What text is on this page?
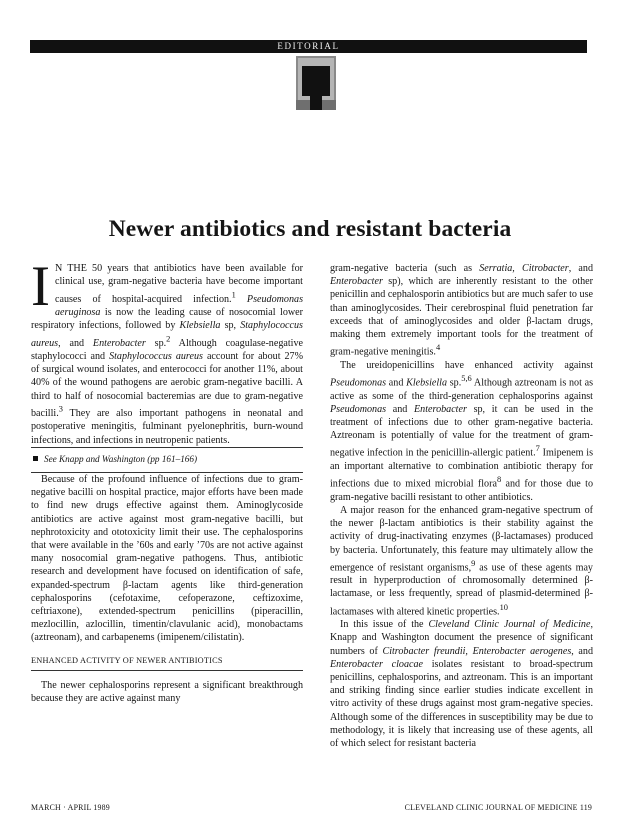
EDITORIAL
Newer antibiotics and resistant bacteria

I N THE 50 years that antibiotics have been available for clinical use, gram-negative bacteria have become important causes of hospital-acquired infection.$^1$ Pseudomonas aeruginosa is now the leading cause of nosocomial lower respiratory infections, followed by Klebsiella sp, Staphylococcus aureus, and Enterobacter sp.$^2$ Although coagulase-negative staphylococci and Staphylococcus aureus account for about 27% of surgical wound isolates, and enterococci for another 11%, about 40% of the wound pathogens are aerobic gram-negative bacilli. A third to half of nosocomial bacteremias are due to gram-negative bacilli.$^3$ They are also important pathogens in neonatal and postoperative meningitis, fulminant pyelonephritis, burn-wound infections, and infections in neutropenic patients.

See Knapp and Washington (pp 161–166)

Because of the profound influence of infections due to gram-negative bacilli on hospital practice, major efforts have been made to find new drugs effective against them. Aminoglycoside antibiotics are active against most gram-negative bacilli, but nephrotoxicity and ototoxicity limit their use. The cephalosporins that were available in the ’60s and early ’70s are not active against many nosocomial gram-negative pathogens. Thus, antibiotic research and development have focused on identification of safe, expanded-spectrum β-lactam agents like third-generation cephalosporins (cefotaxime, cefoperazone, ceftizoxime, ceftriaxone), extended-spectrum penicillins (piperacillin, mezlocillin, azlocillin, timentin/clavulanic acid), monobactams (aztreonam), and carbapenems (imipenem/cilistatin).

ENHANCED ACTIVITY OF NEWER ANTIBIOTICS

The newer cephalosporins represent a significant breakthrough because they are active against many

gram-negative bacteria (such as Serratia, Citrobacter, and Enterobacter sp), which are inherently resistant to the other penicillin and cephalosporin antibiotics but are much safer to use than aminoglycosides. Their cerebrospinal fluid penetration far exceeds that of aminoglycosides and older β-lactam drugs, making them extremely important tools for the treatment of gram-negative meningitis.$^4$

The ureidopenicillins have enhanced activity against Pseudomonas and Klebsiella sp.$^{5,6}$ Although aztreonam is not as active as some of the third-generation cephalosporins against Pseudomonas and Enterobacter sp, it can be used in the treatment of infections due to other gram-negative bacteria. Aztreonam is potentially of value for the treatment of gram-negative infection in the penicillin-allergic patient.$^7$ Imipenem is an important alternative to combination antibiotic therapy for infections due to mixed microbial flora$^8$ and for those due to gram-negative bacilli resistant to other antibiotics.

A major reason for the enhanced gram-negative spectrum of the newer β-lactam antibiotics is their stability against the activity of drug-inactivating enzymes (β-lactamases) produced by bacteria. Unfortunately, this feature may ultimately allow the emergence of resistant organisms,$^9$ as use of these agents may result in hyperproduction of chromosomally determined β-lactamase, or less frequently, spread of plasmid-determined β-lactamases with altered kinetic properties.$^{10}$

In this issue of the Cleveland Clinic Journal of Medicine, Knapp and Washington document the presence of significant numbers of Citrobacter freundii, Enterobacter aerogenes, and Enterobacter cloacae isolates resistant to broad-spectrum penicillins, cephalosporins, and aztreonam. This is an important and striking finding since earlier studies indicate excellent in vitro activity of these drugs against most gram-negative species. Although some of the differences in susceptibility may be due to methodology, it is likely that increasing use of these agents, all of which select for resistant bacteria

MARCH · APRIL 1989	CLEVELAND CLINIC JOURNAL OF MEDICINE 119
